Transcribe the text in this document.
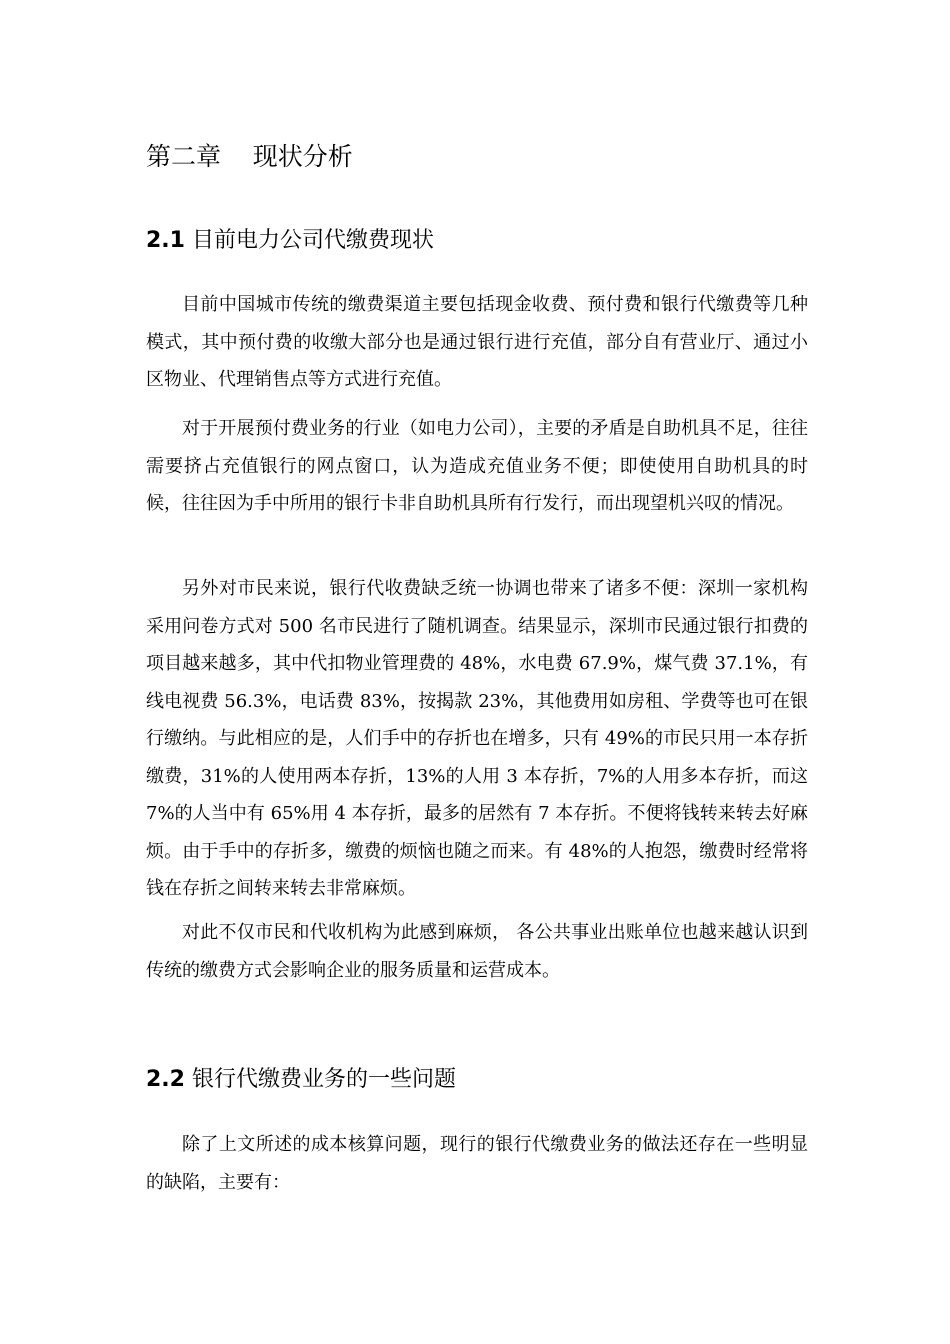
第二章    现状分析
2.1 目前电力公司代缴费现状

目前中国城市传统的缴费渠道主要包括现金收费、预付费和银行代缴费等几种模式，其中预付费的收缴大部分也是通过银行进行充值，部分自有营业厅、通过小区物业、代理销售点等方式进行充值。

对于开展预付费业务的行业（如电力公司），主要的矛盾是自助机具不足，往往需要挤占充值银行的网点窗口，认为造成充值业务不便；即使使用自助机具的时候，往往因为手中所用的银行卡非自助机具所有行发行，而出现望机兴叹的情况。

另外对市民来说，银行代收费缺乏统一协调也带来了诸多不便：深圳一家机构采用问卷方式对 500 名市民进行了随机调查。结果显示，深圳市民通过银行扣费的项目越来越多，其中代扣物业管理费的 48%，水电费 67.9%，煤气费 37.1%，有线电视费 56.3%，电话费 83%，按揭款 23%，其他费用如房租、学费等也可在银行缴纳。与此相应的是，人们手中的存折也在增多，只有 49%的市民只用一本存折缴费，31%的人使用两本存折，13%的人用 3 本存折，7%的人用多本存折，而这 7%的人当中有 65%用 4 本存折，最多的居然有 7 本存折。不便将钱转来转去好麻烦。由于手中的存折多，缴费的烦恼也随之而来。有 48%的人抱怨，缴费时经常将钱在存折之间转来转去非常麻烦。

对此不仅市民和代收机构为此感到麻烦， 各公共事业出账单位也越来越认识到传统的缴费方式会影响企业的服务质量和运营成本。

2.2 银行代缴费业务的一些问题

除了上文所述的成本核算问题，现行的银行代缴费业务的做法还存在一些明显的缺陷，主要有：
